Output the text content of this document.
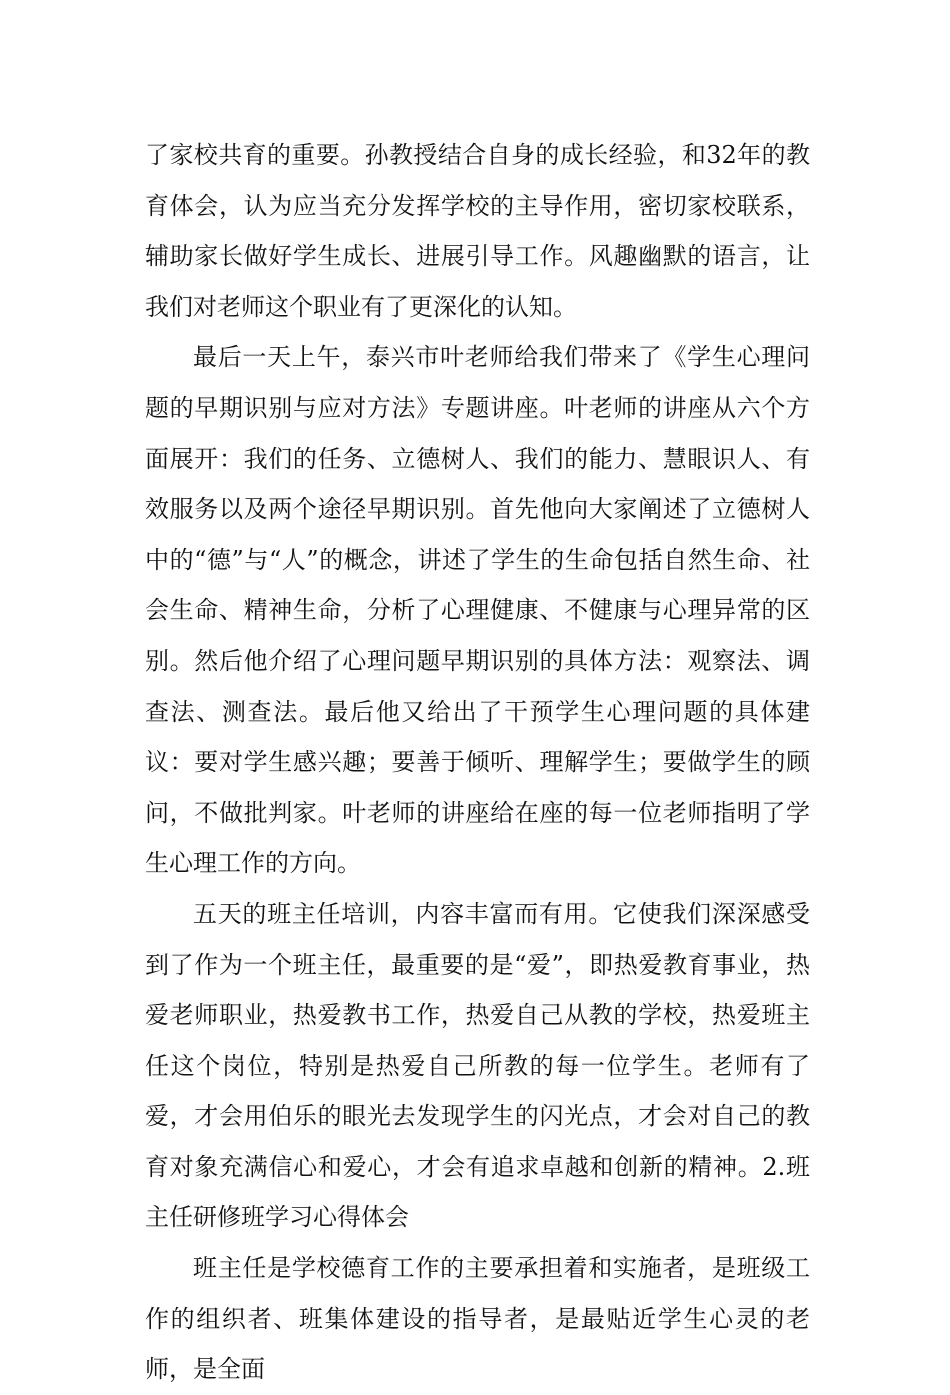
了家校共育的重要。孙教授结合自身的成长经验，和32年的教育体会，认为应当充分发挥学校的主导作用，密切家校联系，辅助家长做好学生成长、进展引导工作。风趣幽默的语言，让我们对老师这个职业有了更深化的认知。

最后一天上午，泰兴市叶老师给我们带来了《学生心理问题的早期识别与应对方法》专题讲座。叶老师的讲座从六个方面展开：我们的任务、立德树人、我们的能力、慧眼识人、有效服务以及两个途径早期识别。首先他向大家阐述了立德树人中的“德”与“人”的概念，讲述了学生的生命包括自然生命、社会生命、精神生命，分析了心理健康、不健康与心理异常的区别。然后他介绍了心理问题早期识别的具体方法：观察法、调查法、测查法。最后他又给出了干预学生心理问题的具体建议：要对学生感兴趣；要善于倾听、理解学生；要做学生的顾问，不做批判家。叶老师的讲座给在座的每一位老师指明了学生心理工作的方向。

五天的班主任培训，内容丰富而有用。它使我们深深感受到了作为一个班主任，最重要的是“爱”，即热爱教育事业，热爱老师职业，热爱教书工作，热爱自己从教的学校，热爱班主任这个岗位，特别是热爱自己所教的每一位学生。老师有了爱，才会用伯乐的眼光去发现学生的闪光点，才会对自己的教育对象充满信心和爱心，才会有追求卓越和创新的精神。2.班主任研修班学习心得体会

班主任是学校德育工作的主要承担着和实施者，是班级工作的组织者、班集体建设的指导者，是最贴近学生心灵的老师，是全面
